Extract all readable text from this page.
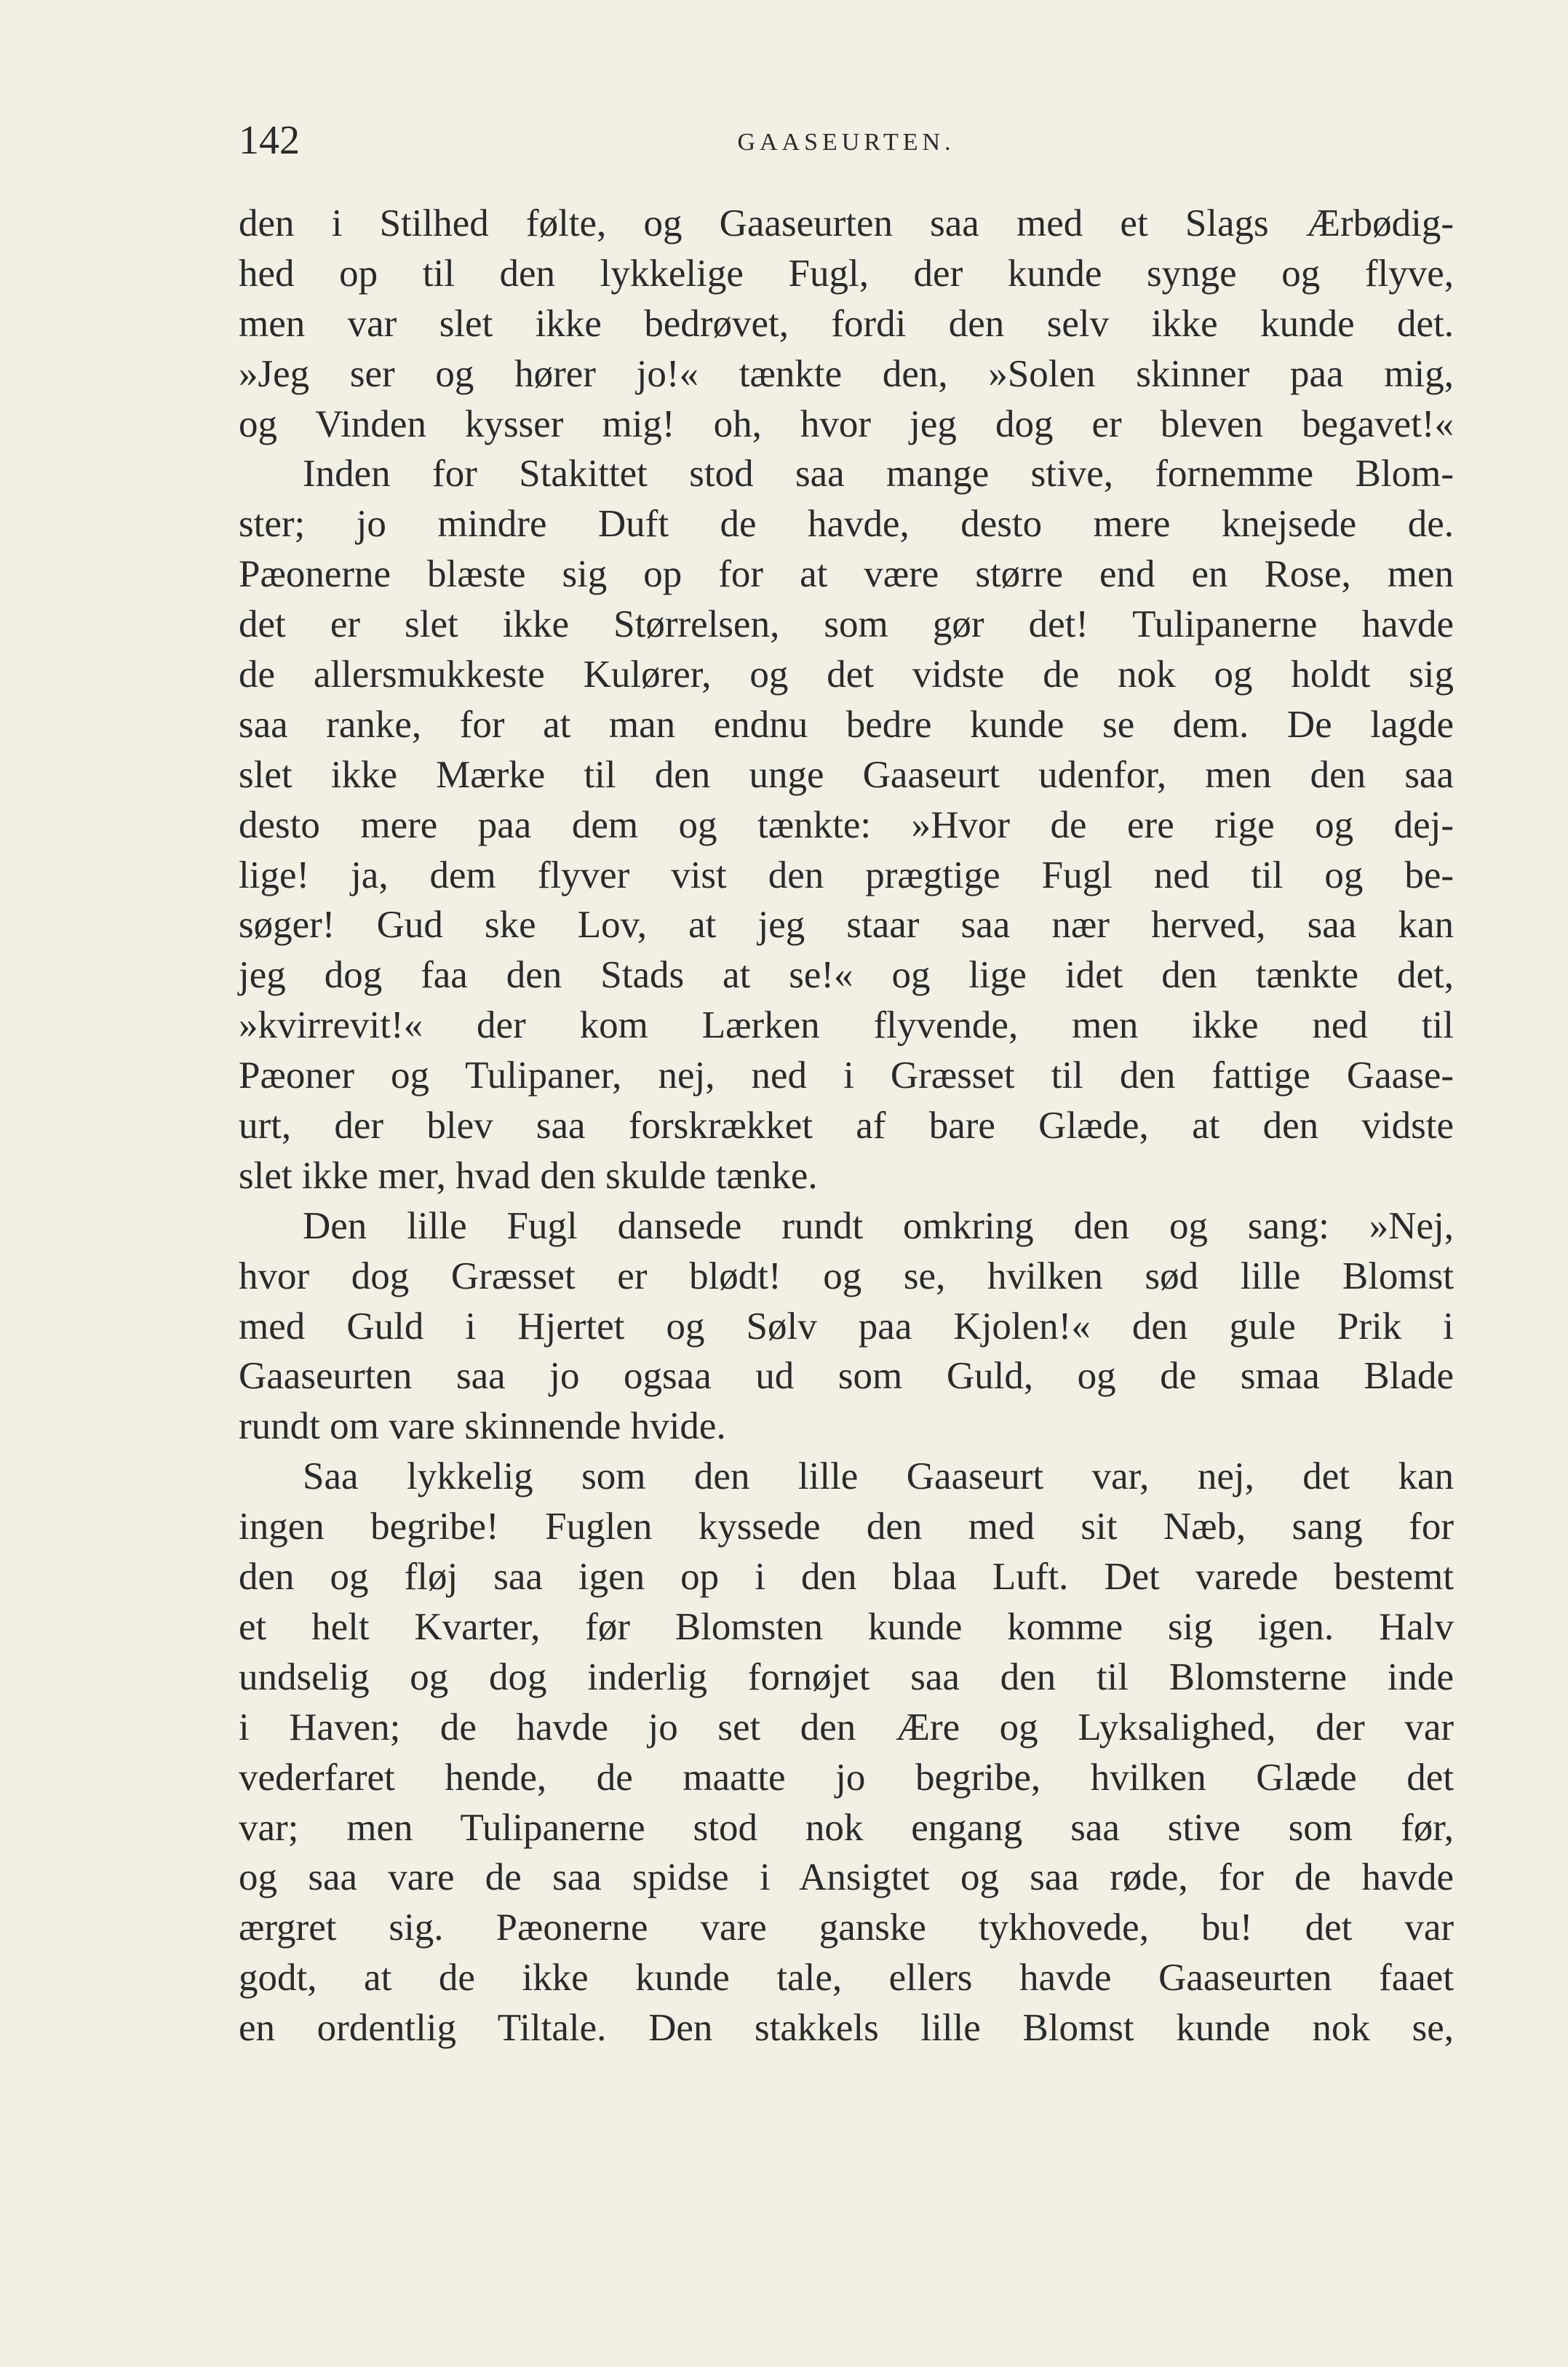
142	GAASEURTEN.
den i Stilhed følte, og Gaaseurten saa med et Slags Ærbødig-
hed op til den lykkelige Fugl, der kunde synge og flyve,
men var slet ikke bedrøvet, fordi den selv ikke kunde det.
»Jeg ser og hører jo!« tænkte den, »Solen skinner paa mig,
og Vinden kysser mig! oh, hvor jeg dog er bleven begavet!«
Inden for Stakittet stod saa mange stive, fornemme Blom-
ster; jo mindre Duft de havde, desto mere knejsede de.
Pæonerne blæste sig op for at være større end en Rose, men
det er slet ikke Størrelsen, som gør det! Tulipanerne havde
de allersmukkeste Kulører, og det vidste de nok og holdt sig
saa ranke, for at man endnu bedre kunde se dem. De lagde
slet ikke Mærke til den unge Gaaseurt udenfor, men den saa
desto mere paa dem og tænkte: »Hvor de ere rige og dej-
lige! ja, dem flyver vist den prægtige Fugl ned til og be-
søger! Gud ske Lov, at jeg staar saa nær herved, saa kan
jeg dog faa den Stads at se!« og lige idet den tænkte det,
»kvirrevit!« der kom Lærken flyvende, men ikke ned til
Pæoner og Tulipaner, nej, ned i Græsset til den fattige Gaase-
urt, der blev saa forskrækket af bare Glæde, at den vidste
slet ikke mer, hvad den skulde tænke.
Den lille Fugl dansede rundt omkring den og sang: »Nej,
hvor dog Græsset er blødt! og se, hvilken sød lille Blomst
med Guld i Hjertet og Sølv paa Kjolen!« den gule Prik i
Gaaseurten saa jo ogsaa ud som Guld, og de smaa Blade
rundt om vare skinnende hvide.
Saa lykkelig som den lille Gaaseurt var, nej, det kan
ingen begribe! Fuglen kyssede den med sit Næb, sang for
den og fløj saa igen op i den blaa Luft. Det varede bestemt
et helt Kvarter, før Blomsten kunde komme sig igen. Halv
undselig og dog inderlig fornøjet saa den til Blomsterne inde
i Haven; de havde jo set den Ære og Lyksalighed, der var
vederfaret hende, de maatte jo begribe, hvilken Glæde det
var; men Tulipanerne stod nok engang saa stive som før,
og saa vare de saa spidse i Ansigtet og saa røde, for de havde
ærgret sig. Pæonerne vare ganske tykhovede, bu! det var
godt, at de ikke kunde tale, ellers havde Gaaseurten faaet
en ordentlig Tiltale. Den stakkels lille Blomst kunde nok se,
